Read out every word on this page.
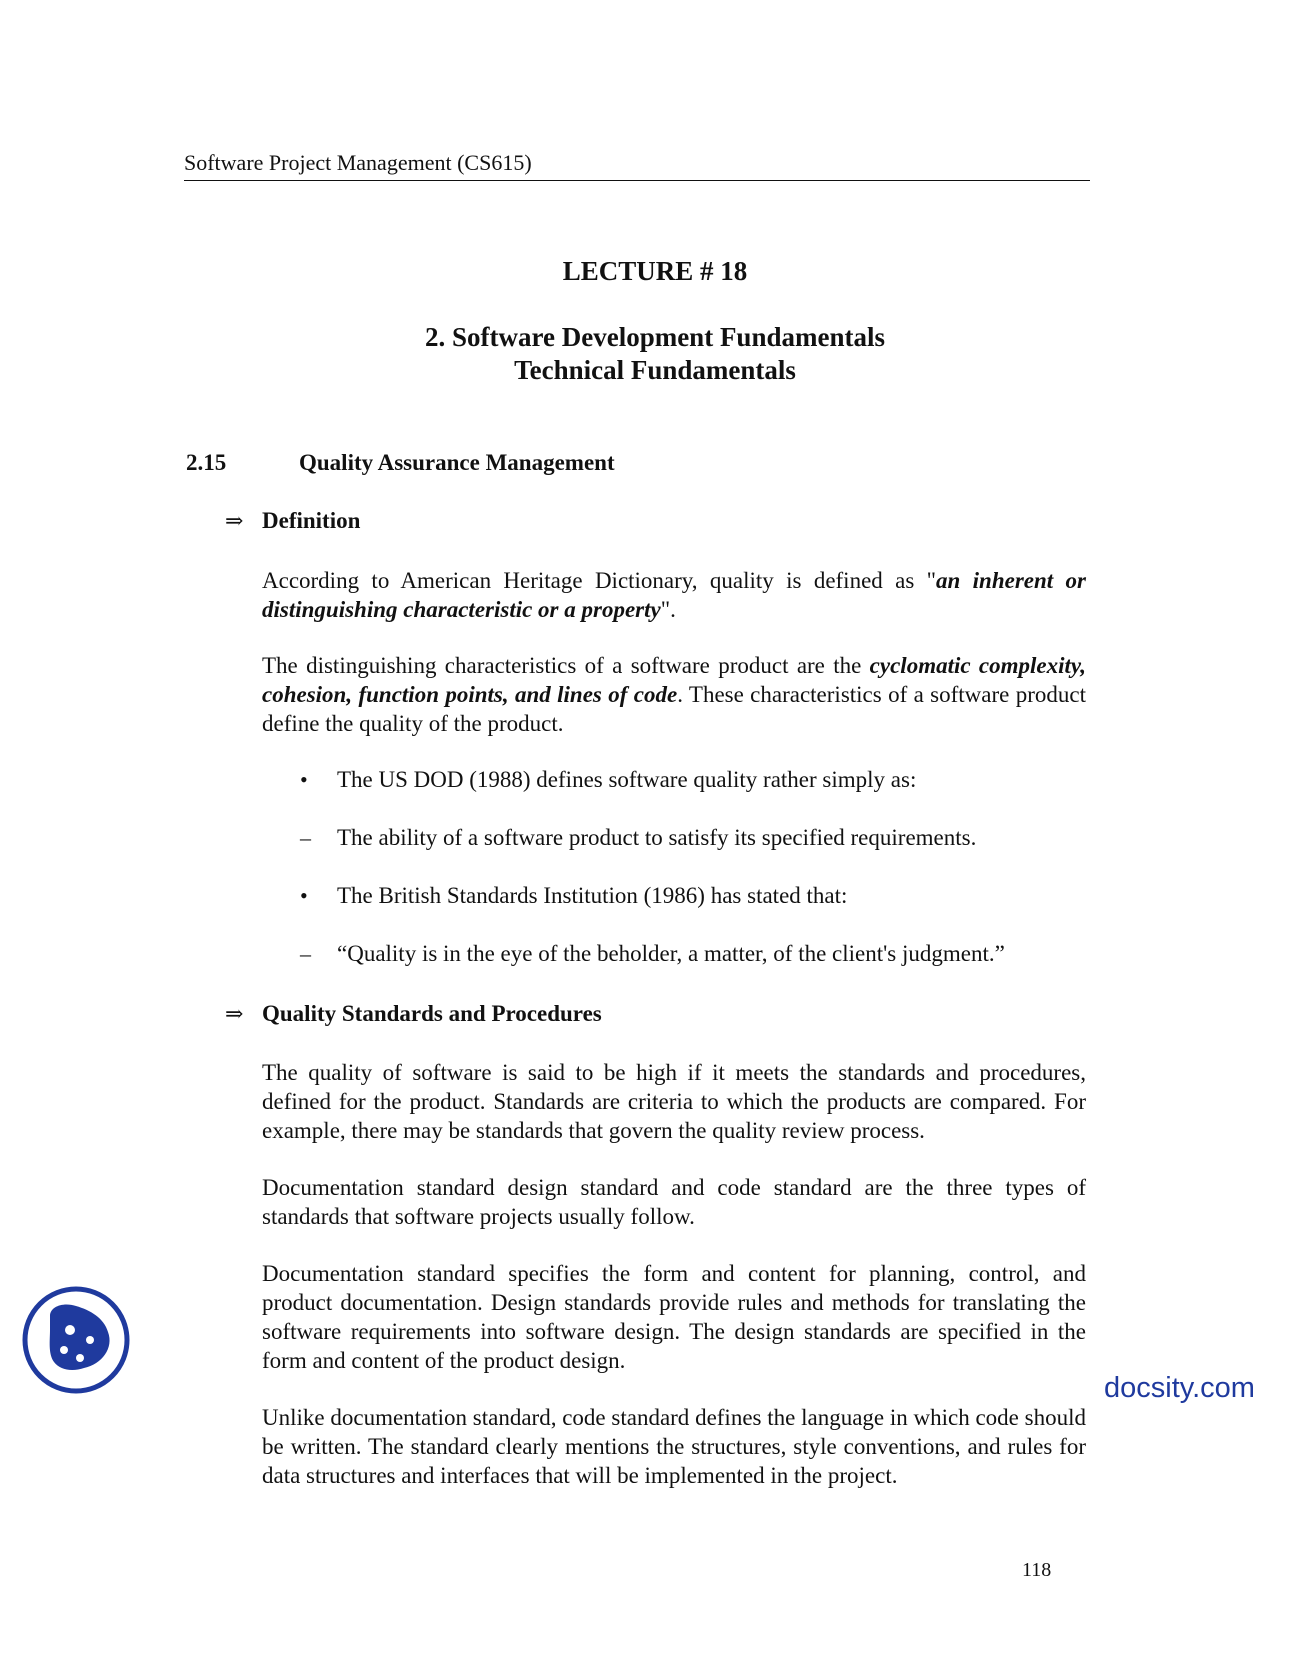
Software Project Management (CS615)
LECTURE # 18
2. Software Development Fundamentals
Technical Fundamentals
2.15	Quality Assurance Management
⇒ Definition
According to American Heritage Dictionary, quality is defined as "an inherent or distinguishing characteristic or a property".
The distinguishing characteristics of a software product are the cyclomatic complexity, cohesion, function points, and lines of code. These characteristics of a software product define the quality of the product.
• The US DOD (1988) defines software quality rather simply as:
– The ability of a software product to satisfy its specified requirements.
• The British Standards Institution (1986) has stated that:
– “Quality is in the eye of the beholder, a matter, of the client's judgment.”
⇒ Quality Standards and Procedures
The quality of software is said to be high if it meets the standards and procedures, defined for the product. Standards are criteria to which the products are compared. For example, there may be standards that govern the quality review process.
Documentation standard design standard and code standard are the three types of standards that software projects usually follow.
Documentation standard specifies the form and content for planning, control, and product documentation. Design standards provide rules and methods for translating the software requirements into software design. The design standards are specified in the form and content of the product design.
Unlike documentation standard, code standard defines the language in which code should be written. The standard clearly mentions the structures, style conventions, and rules for data structures and interfaces that will be implemented in the project.
docsity.com
118
